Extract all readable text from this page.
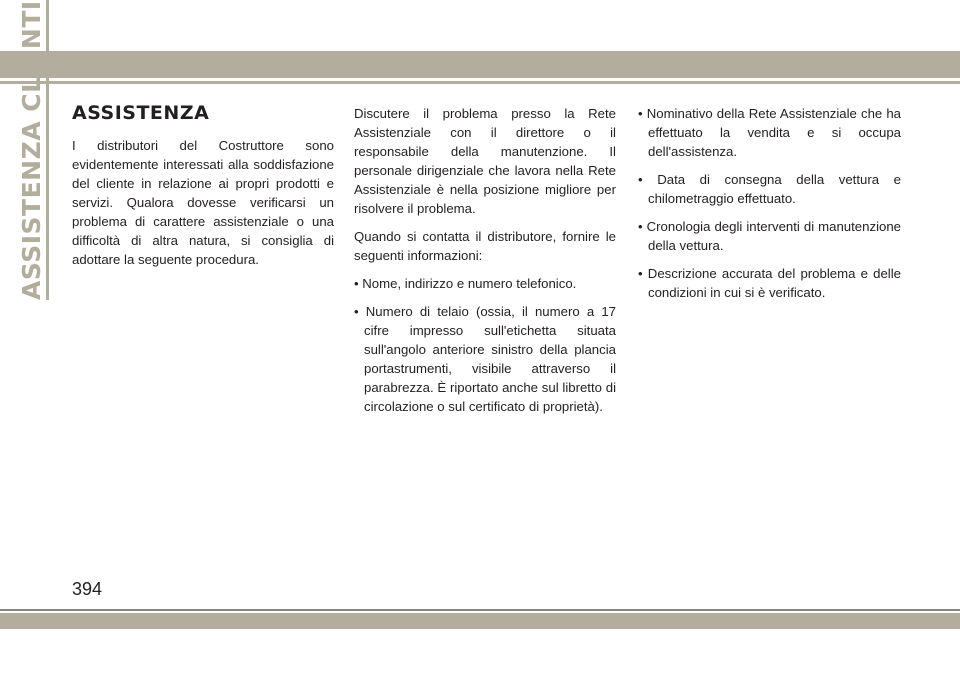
ASSISTENZA CLIENTI ASSISTENZA

I distributori del Costruttore sono evidentemente interessati alla soddisfazione del cliente in relazione ai propri prodotti e servizi. Qualora dovesse verificarsi un problema di carattere assistenziale o una difficoltà di altra natura, si consiglia di adottare la seguente procedura.

Discutere il problema presso la Rete Assistenziale con il direttore o il responsabile della manutenzione. Il personale dirigenziale che lavora nella Rete Assistenziale è nella posizione migliore per risolvere il problema.

Quando si contatta il distributore, fornire le seguenti informazioni:

• Nome, indirizzo e numero telefonico.

• Numero di telaio (ossia, il numero a 17 cifre impresso sull'etichetta situata sull'angolo anteriore sinistro della plancia portastrumenti, visibile attraverso il parabrezza. È riportato anche sul libretto di circolazione o sul certificato di proprietà).

• Nominativo della Rete Assistenziale che ha effettuato la vendita e si occupa dell'assistenza.

• Data di consegna della vettura e chilometraggio effettuato.

• Cronologia degli interventi di manutenzione della vettura.

• Descrizione accurata del problema e delle condizioni in cui si è verificato.

394
